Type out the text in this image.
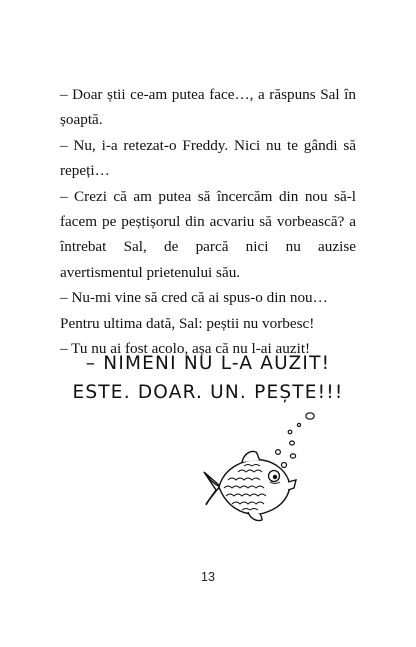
– Doar știi ce-am putea face…, a răspuns Sal în șoaptă.

– Nu, i-a retezat-o Freddy. Nici nu te gândi să repeți…

– Crezi că am putea să încercăm din nou să-l facem pe peștișorul din acvariu să vorbească? a întrebat Sal, de parcă nici nu auzise avertismentul prietenului său.

– Nu-mi vine să cred că ai spus-o din nou…

Pentru ultima dată, Sal: peștii nu vorbesc!

– Tu nu ai fost acolo, așa că nu l-ai auzit!

– NIMENI NU L-A AUZIT!
ESTE. DOAR. UN. PEȘTE!!!
13
